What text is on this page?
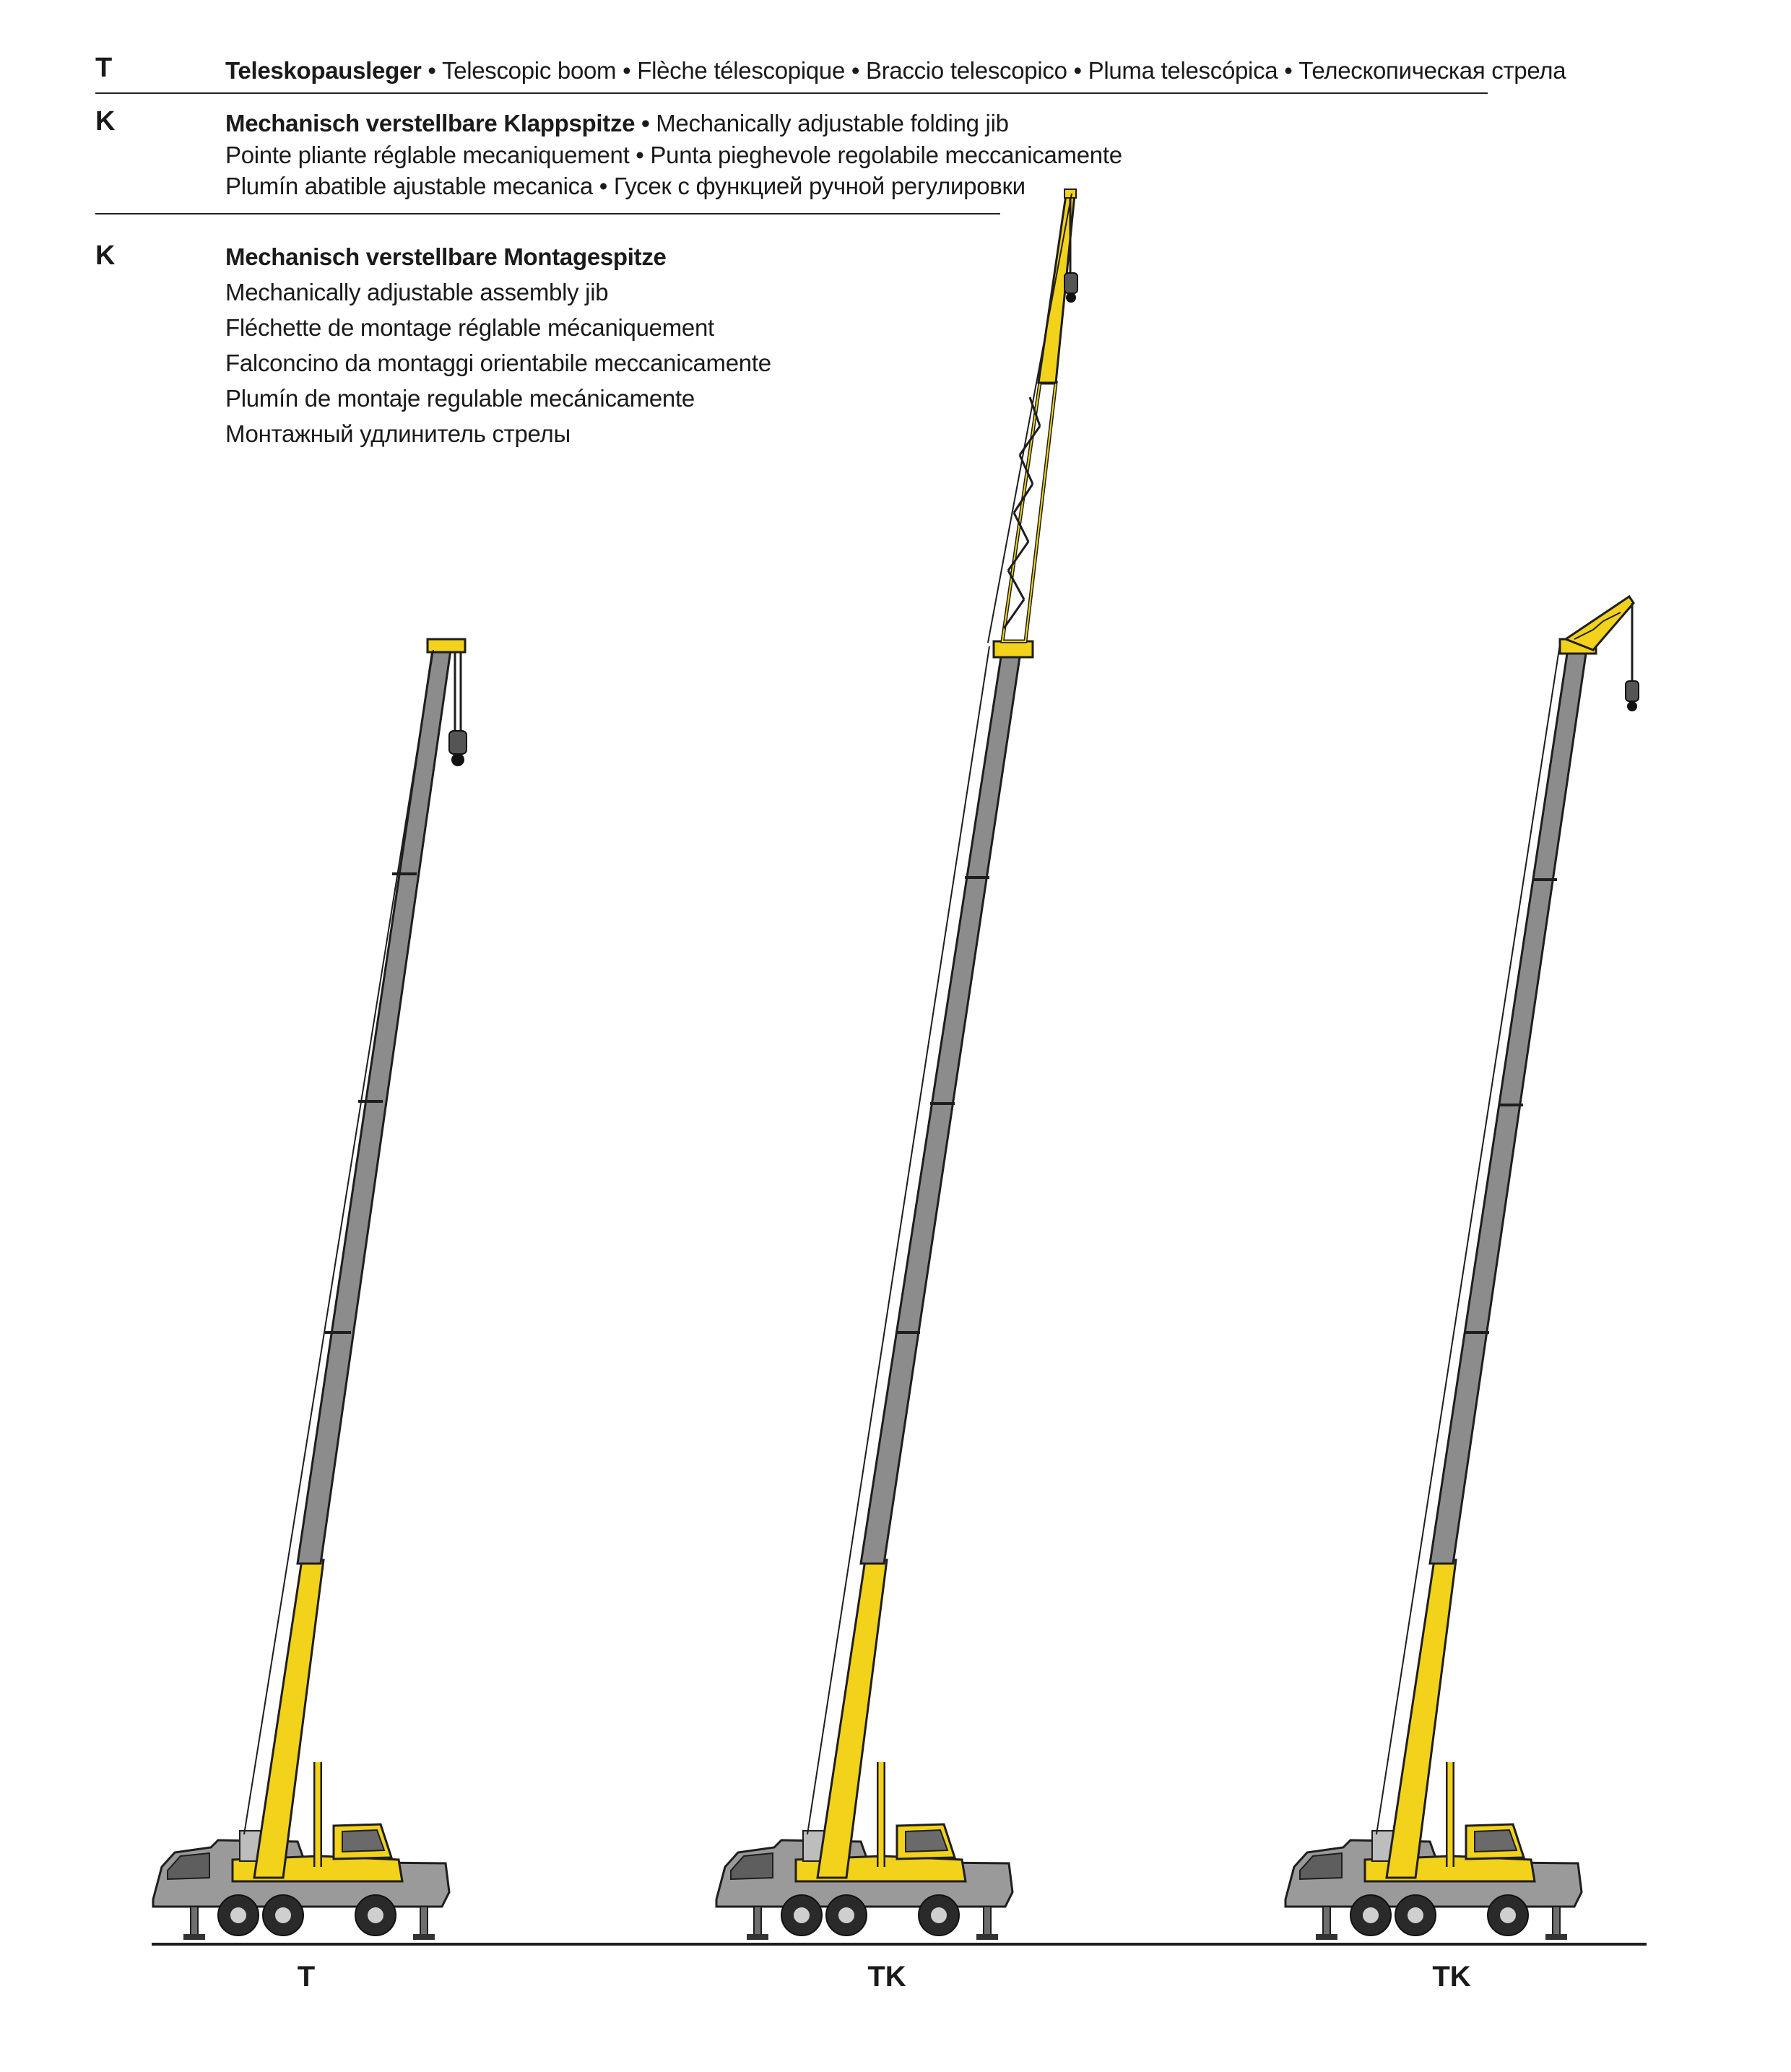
T	Teleskopausleger • Telescopic boom • Flèche télescopique • Braccio telescopico • Pluma telescópica • Телескопическая стрела
K	Mechanisch verstellbare Klappspitze • Mechanically adjustable folding jib
Pointe pliante réglable mecaniquement • Punta pieghevole regolabile meccanicamente
Plumín abatible ajustable mecanica • Гусек с функцией ручной регулировки
K	Mechanisch verstellbare Montagespitze
Mechanically adjustable assembly jib
Fléchette de montage réglable mécaniquement
Falconcino da montaggi orientabile meccanicamente
Plumín de montaje regulable mecánicamente
Монтажный удлинитель стрелы
T	TK	TK
